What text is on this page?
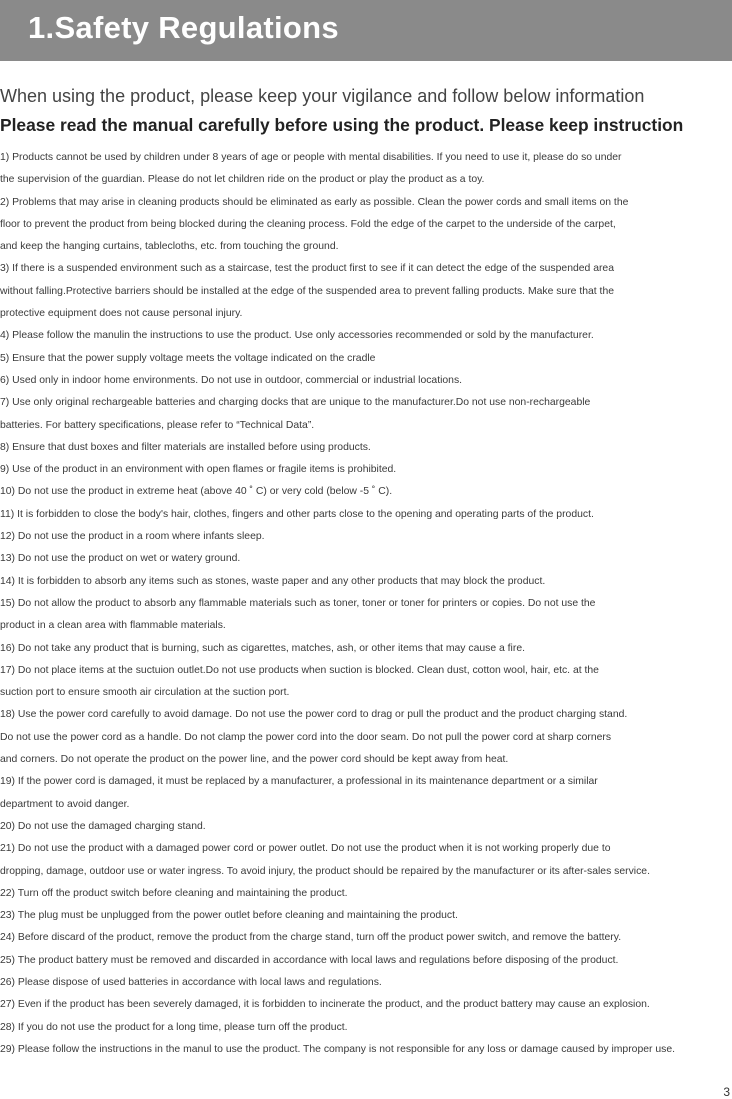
1.Safety Regulations
When using the product, please keep your vigilance and follow below information
Please read the manual carefully before using the product. Please keep instruction
1) Products cannot be used by children under 8 years of age or people with mental disabilities. If you need to use it, please do so under
the supervision of the guardian. Please do not let children ride on the product or play the product as a toy.
2) Problems that may arise in cleaning products should be eliminated as early as possible. Clean the power cords and small items on the
floor to prevent the product from being blocked during the cleaning process. Fold the edge of the carpet to the underside of the carpet,
and keep the hanging curtains, tablecloths, etc. from touching the ground.
3) If there is a suspended environment such as a staircase, test the product first to see if it can detect the edge of the suspended area
without falling.Protective barriers should be installed at the edge of the suspended area to prevent falling products. Make sure that the
protective equipment does not cause personal injury.
4) Please follow the manulin the instructions to use the product. Use only accessories recommended or sold by the manufacturer.
5) Ensure that the power supply voltage meets the voltage indicated on the cradle
6) Used only in indoor home environments. Do not use in outdoor, commercial or industrial locations.
7) Use only original rechargeable batteries and charging docks that are unique to the manufacturer.Do not use non-rechargeable
batteries. For battery specifications, please refer to “Technical Data”.
8) Ensure that dust boxes and filter materials are installed before using products.
9) Use of the product in an environment with open flames or fragile items is prohibited.
10) Do not use the product in extreme heat (above 40 ˚ C) or very cold (below -5 ˚ C).
11) It is forbidden to close the body's hair, clothes, fingers and other parts close to the opening and operating parts of the product.
12) Do not use the product in a room where infants sleep.
13) Do not use the product on wet or watery ground.
14) It is forbidden to absorb any items such as stones, waste paper and any other products that may block the product.
15) Do not allow the product to absorb any flammable materials such as toner, toner or toner for printers or copies. Do not use the
product in a clean area with flammable materials.
16) Do not take any product that is burning, such as cigarettes, matches, ash, or other items that may cause a fire.
17) Do not place items at the suctuion outlet.Do not use products when suction is blocked. Clean dust, cotton wool, hair, etc. at the
suction port to ensure smooth air circulation at the suction port.
18) Use the power cord carefully to avoid damage. Do not use the power cord to drag or pull the product and the product charging stand.
Do not use the power cord as a handle. Do not clamp the power cord into the door seam. Do not pull the power cord at sharp corners
and corners. Do not operate the product on the power line, and the power cord should be kept away from heat.
19) If the power cord is damaged, it must be replaced by a manufacturer, a professional in its maintenance department or a similar
department to avoid danger.
20) Do not use the damaged charging stand.
21) Do not use the product with a damaged power cord or power outlet. Do not use the product when it is not working properly due to
dropping, damage, outdoor use or water ingress. To avoid injury, the product should be repaired by the manufacturer or its after-sales service.
22) Turn off the product switch before cleaning and maintaining the product.
23) The plug must be unplugged from the power outlet before cleaning and maintaining the product.
24) Before discard of the product, remove the product from the charge stand, turn off the product power switch, and remove the battery.
25) The product battery must be removed and discarded in accordance with local laws and regulations before disposing of the product.
26) Please dispose of used batteries in accordance with local laws and regulations.
27) Even if the product has been severely damaged, it is forbidden to incinerate the product, and the product battery may cause an explosion.
28) If you do not use the product for a long time, please turn off the product.
29) Please follow the instructions in the manul to use the product. The company is not responsible for any loss or damage caused by improper use.
3
